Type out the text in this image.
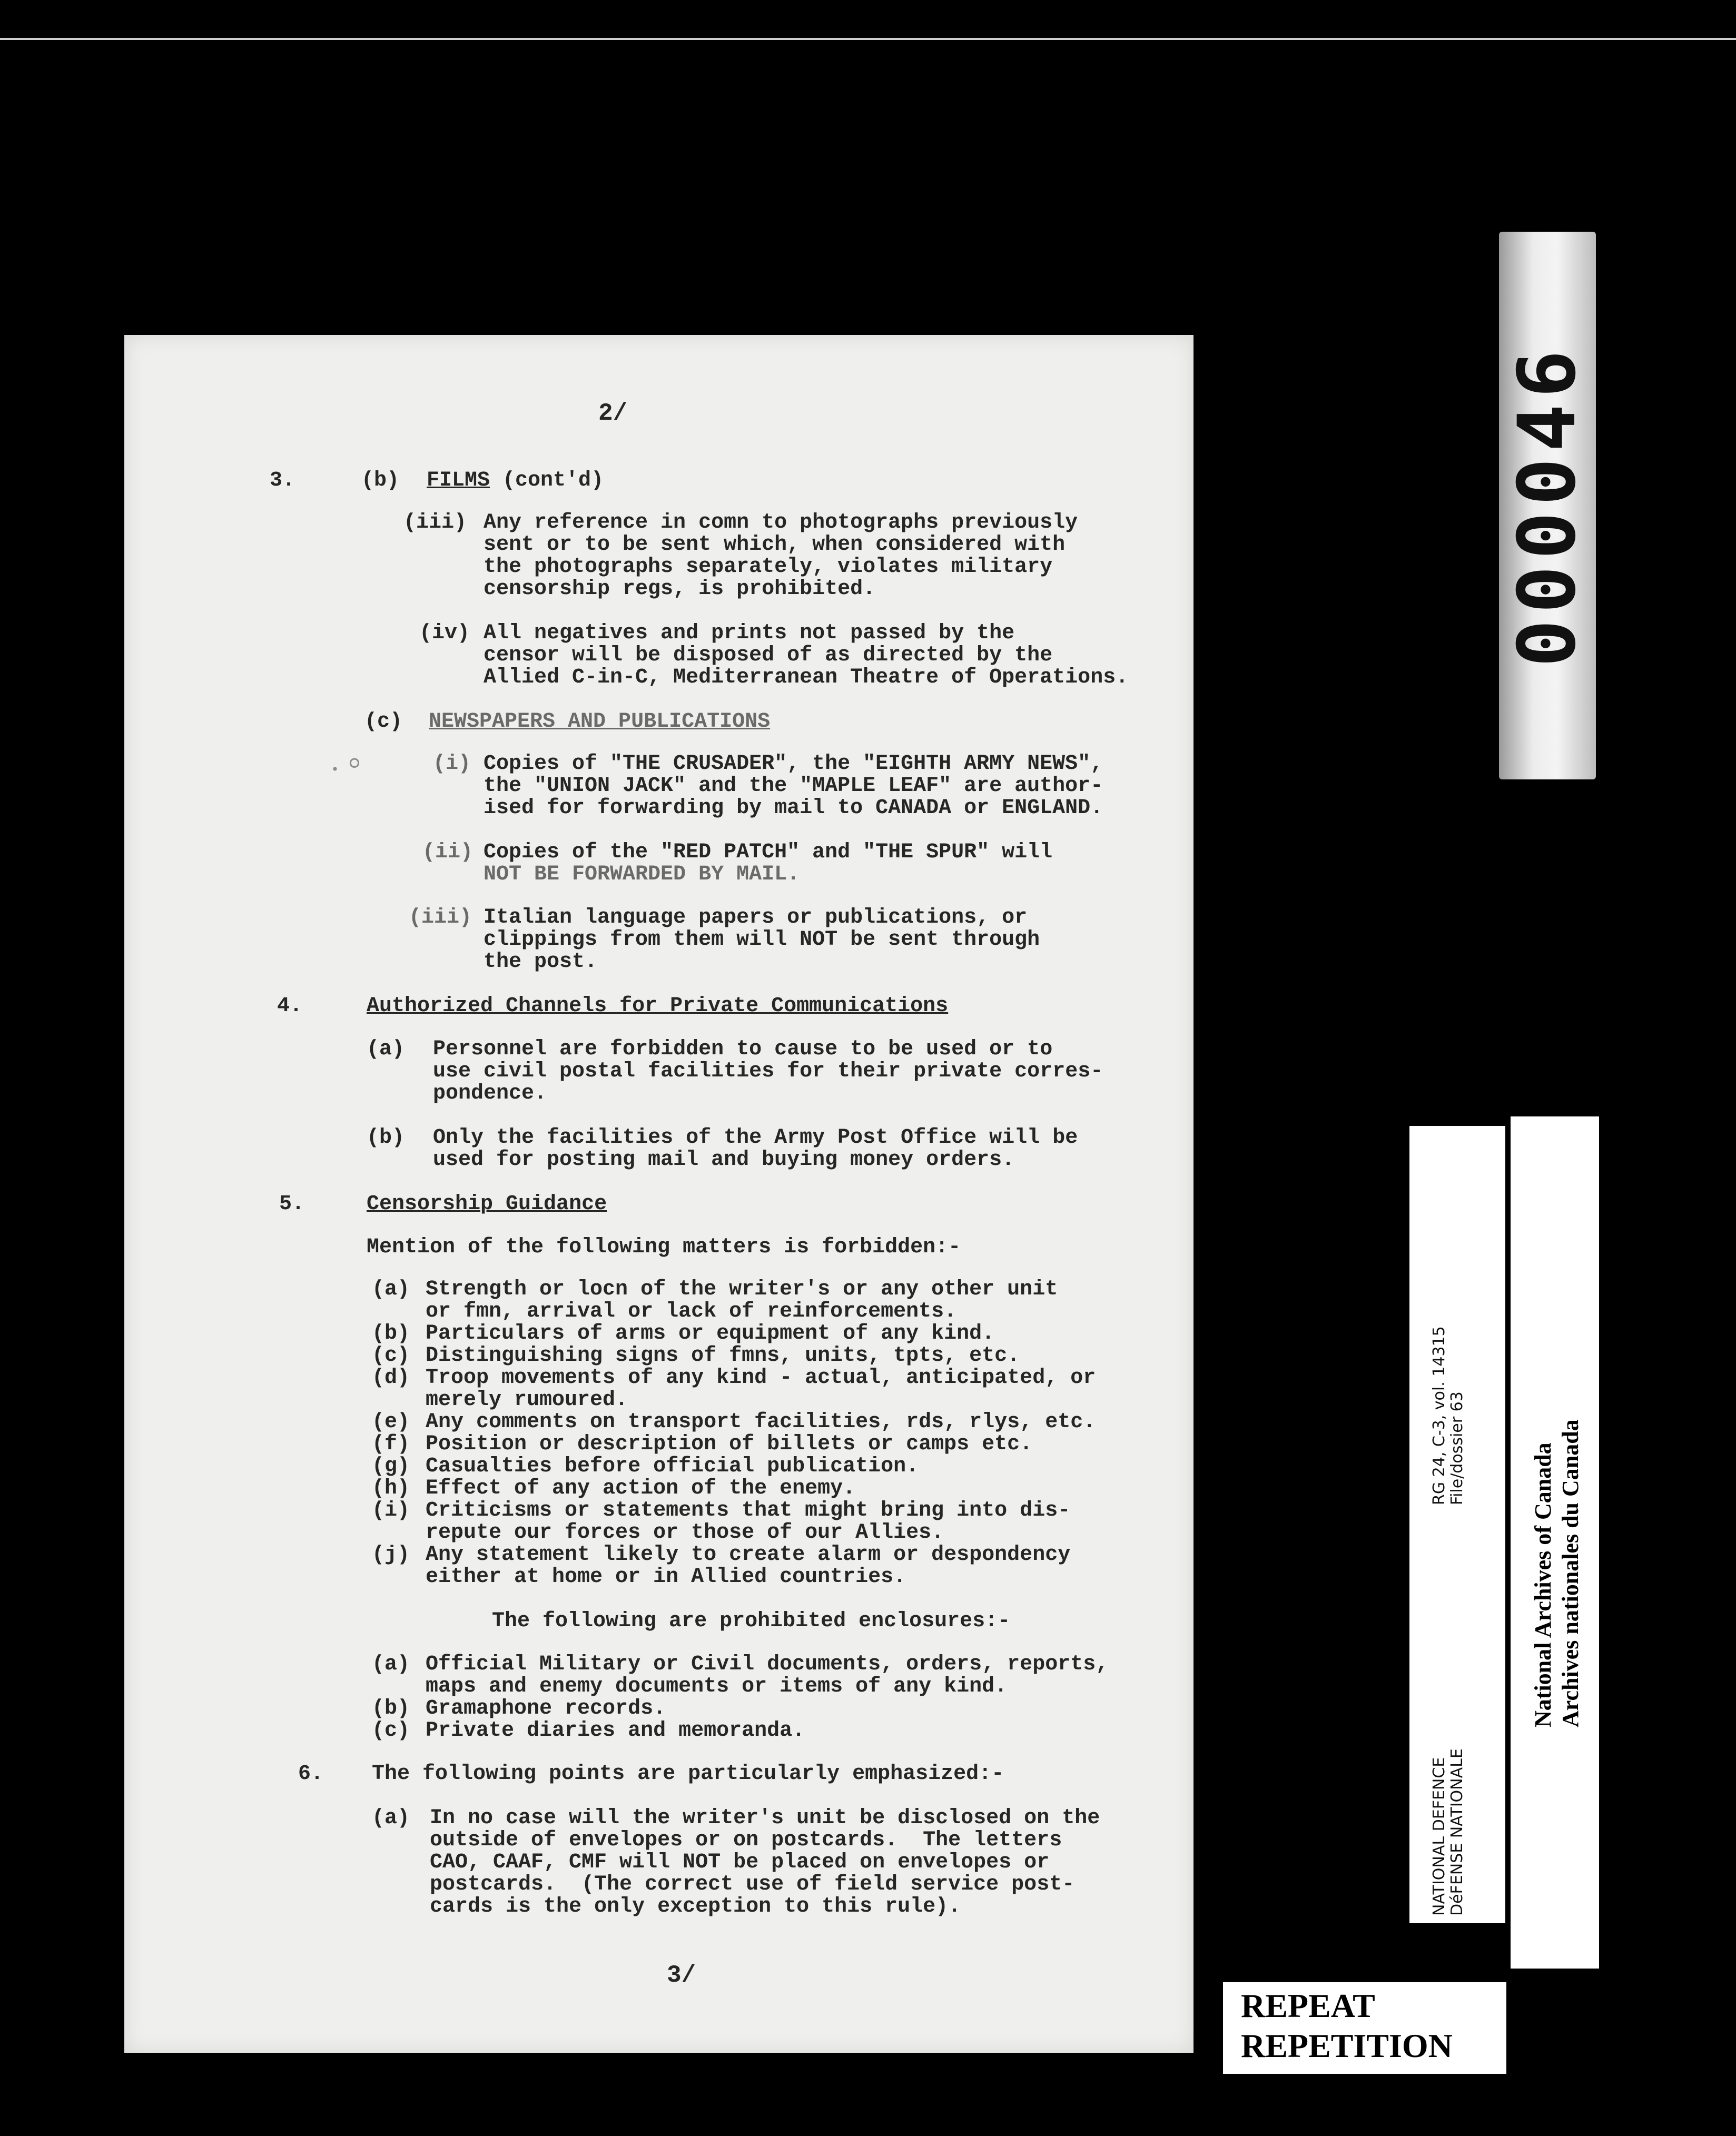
· °
2/
3.	(b) FILMS (cont'd)
(iii) Any reference in comn to photographs previously
sent or to be sent which, when considered with
the photographs separately, violates military
censorship regs, is prohibited.
(iv) All negatives and prints not passed by the
censor will be disposed of as directed by the
Allied C-in-C, Mediterranean Theatre of Operations.
(c) NEWSPAPERS AND PUBLICATIONS
(i) Copies of "THE CRUSADER", the "EIGHTH ARMY NEWS",
the "UNION JACK" and the "MAPLE LEAF" are author-
ised for forwarding by mail to CANADA or ENGLAND.
(ii) Copies of the "RED PATCH" and "THE SPUR" will
NOT BE FORWARDED BY MAIL.
(iii) Italian language papers or publications, or
clippings from them will NOT be sent through
the post.
4.	Authorized Channels for Private Communications
(a) Personnel are forbidden to cause to be used or to
use civil postal facilities for their private corres-
pondence.
(b) Only the facilities of the Army Post Office will be
used for posting mail and buying money orders.
5.	Censorship Guidance
Mention of the following matters is forbidden:-
(a) Strength or locn of the writer's or any other unit
or fmn, arrival or lack of reinforcements.
(b) Particulars of arms or equipment of any kind.
(c) Distinguishing signs of fmns, units, tpts, etc.
(d) Troop movements of any kind - actual, anticipated, or
merely rumoured.
(e) Any comments on transport facilities, rds, rlys, etc.
(f) Position or description of billets or camps etc.
(g) Casualties before official publication.
(h) Effect of any action of the enemy.
(i) Criticisms or statements that might bring into dis-
repute our forces or those of our Allies.
(j) Any statement likely to create alarm or despondency
either at home or in Allied countries.
The following are prohibited enclosures:-
(a) Official Military or Civil documents, orders, reports,
maps and enemy documents or items of any kind.
(b) Gramaphone records.
(c) Private diaries and memoranda.
6. The following points are particularly emphasized:-
(a) In no case will the writer's unit be disclosed on the
outside of envelopes or on postcards.  The letters
CAO, CAAF, CMF will NOT be placed on envelopes or
postcards.  (The correct use of field service post-
cards is the only exception to this rule).
3/
000046
NATIONAL DEFENCE DéFENSE NATIONALE
RG 24, C-3, vol. 14315 File/dossier 63	National Archives of Canada Archives nationales du Canada
REPEAT
REPETITION
